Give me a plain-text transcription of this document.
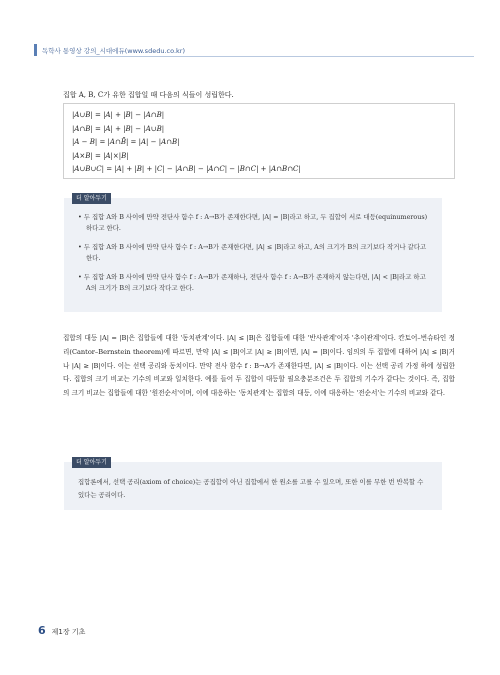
독학사 통영상 강의_시대에듀(www.sdedu.co.kr)
집합 A, B, C가 유한 집합일 때 다음의 식들이 성립한다.
|A∪B| = |A| + |B| − |A∩B|
|A∩B| = |A| + |B| − |A∪B|
|A − B| = |A∩B̄| = |A| − |A∩B|
|A×B| = |A|×|B|
|A∪B∪C| = |A| + |B| + |C| − |A∩B| − |A∩C| − |B∩C| + |A∩B∩C|
더 알아두기
• 두 집합 A와 B 사이에 만약 전단사 함수 f : A→B가 존재한다면, |A| = |B|라고 하고, 두 집합이 서로 대등(equinumerous)하다고 한다.
• 두 집합 A와 B 사이에 만약 단사 함수 f : A→B가 존재한다면, |A| ≤ |B|라고 하고, A의 크기가 B의 크기보다 작거나 같다고 한다.
• 두 집합 A와 B 사이에 만약 단사 함수 f : A→B가 존재하나, 전단사 함수 f : A→B가 존재하지 않는다면, |A| < |B|라고 하고 A의 크기가 B의 크기보다 작다고 한다.
집합의 대등 |A| = |B|은 집합들에 대한 '동치관계'이다. |A| ≤ |B|은 집합들에 대한 '반사관계'이자 '추이관계'이다. 칸토어–번슈타인 정리(Cantor–Bernstein theorem)에 따르면, 만약 |A| ≤ |B|이고 |A| ≥ |B|이면, |A| = |B|이다. 임의의 두 집합에 대하여 |A| ≤ |B|거나 |A| ≥ |B|이다. 이는 선택 공리와 동치이다. 만약 전사 함수 f : B→A가 존재한다면, |A| ≤ |B|이다. 이는 선택 공리 가정 하에 성립한다. 집합의 크기 비교는 기수의 비교와 일치한다. 예를 들어 두 집합이 대등할 필요충분조건은 두 집합의 기수가 같다는 것이다. 즉, 집합의 크기 비교는 집합들에 대한 '원전순서'이며, 이에 대응하는 '동치관계'는 집합의 대등, 이에 대응하는 '전순서'는 기수의 비교와 같다.
더 알아두기
집합론에서, 선택 공리(axiom of choice)는 공집합이 아닌 집합에서 한 원소를 고를 수 있으며, 또한 이를 무한 번 반복할 수 있다는 공리이다.
6 제1장 기초
